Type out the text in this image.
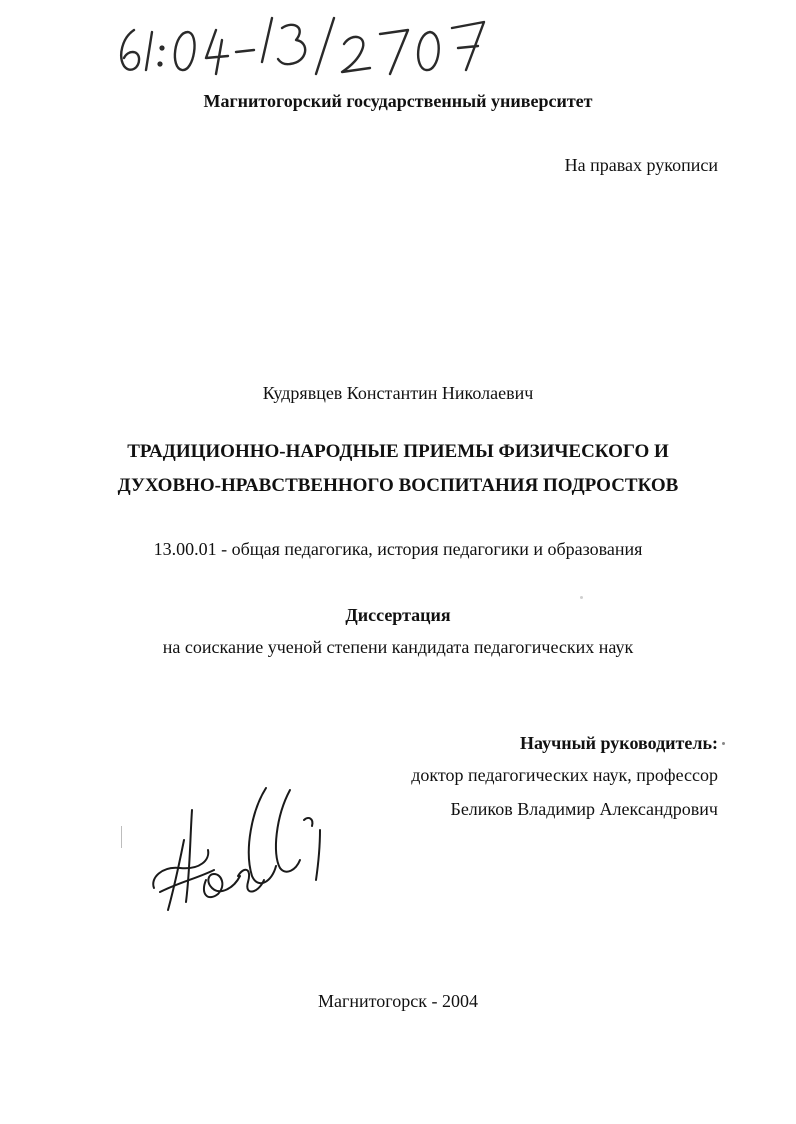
Магнитогорский государственный университет
На правах рукописи
Кудрявцев Константин Николаевич
ТРАДИЦИОННО-НАРОДНЫЕ ПРИЕМЫ ФИЗИЧЕСКОГО И
ДУХОВНО-НРАВСТВЕННОГО ВОСПИТАНИЯ ПОДРОСТКОВ
13.00.01 - общая педагогика, история педагогики и образования
Диссертация
на соискание ученой степени кандидата педагогических наук
Научный руководитель:
доктор педагогических наук, профессор
Беликов Владимир Александрович
Магнитогорск - 2004
